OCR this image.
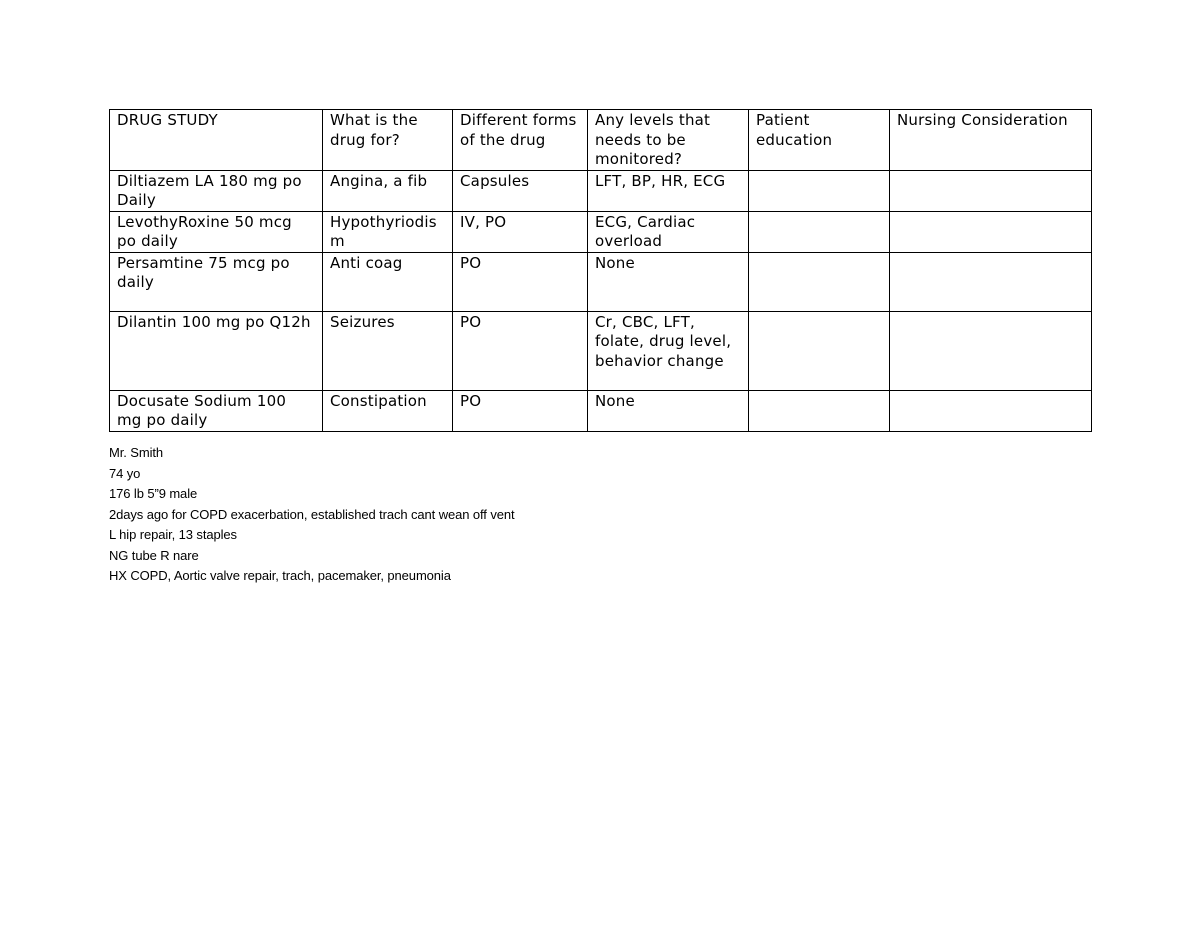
DRUG STUDY	What is the drug for?	Different forms of the drug	Any levels that needs to be monitored?	Patient education	Nursing Consideration
Diltiazem LA 180 mg po Daily	Angina, a fib	Capsules	LFT, BP, HR, ECG		
LevothyRoxine 50 mcg po daily	Hypothyriodism	IV, PO	ECG, Cardiac overload		
Persamtine 75 mcg po daily	Anti coag	PO	None		
Dilantin 100 mg po Q12h	Seizures	PO	Cr, CBC, LFT, folate, drug level, behavior change		
Docusate Sodium 100 mg po daily	Constipation	PO	None		
Mr. Smith
74 yo
176 lb 5”9 male
2days ago for COPD exacerbation, established trach cant wean off vent
L hip repair, 13 staples
NG tube R nare
HX COPD, Aortic valve repair, trach, pacemaker, pneumonia
